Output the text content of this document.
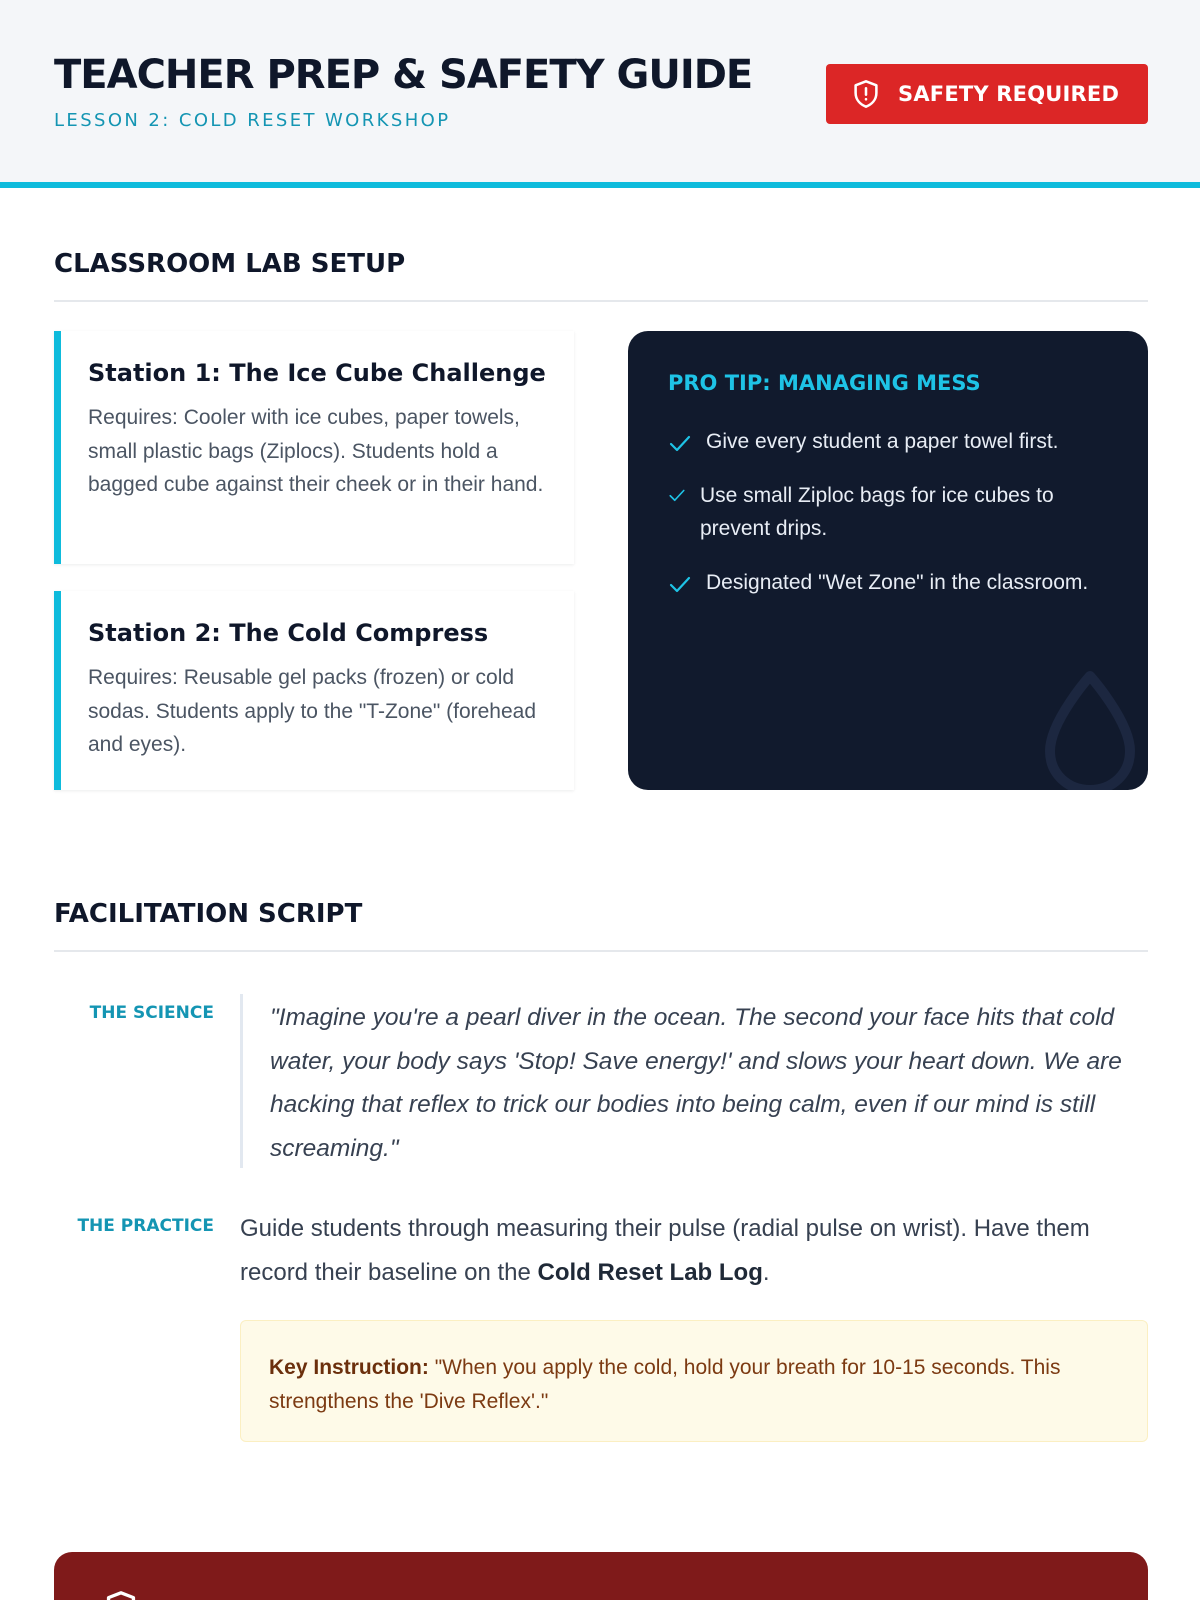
TEACHER PREP & SAFETY GUIDE
LESSON 2: COLD RESET WORKSHOP
SAFETY REQUIRED
CLASSROOM LAB SETUP
Station 1: The Ice Cube Challenge
Requires: Cooler with ice cubes, paper towels, small plastic bags (Ziplocs). Students hold a bagged cube against their cheek or in their hand.
Station 2: The Cold Compress
Requires: Reusable gel packs (frozen) or cold sodas. Students apply to the "T-Zone" (forehead and eyes).
PRO TIP: MANAGING MESS
Give every student a paper towel first.
Use small Ziploc bags for ice cubes to prevent drips.
Designated "Wet Zone" in the classroom.
FACILITATION SCRIPT
THE SCIENCE "Imagine you're a pearl diver in the ocean. The second your face hits that cold water, your body says 'Stop! Save energy!' and slows your heart down. We are hacking that reflex to trick our bodies into being calm, even if our mind is still screaming."
THE PRACTICE Guide students through measuring their pulse (radial pulse on wrist). Have them record their baseline on the Cold Reset Lab Log.

Key Instruction: "When you apply the cold, hold your breath for 10-15 seconds. This strengthens the 'Dive Reflex'."
